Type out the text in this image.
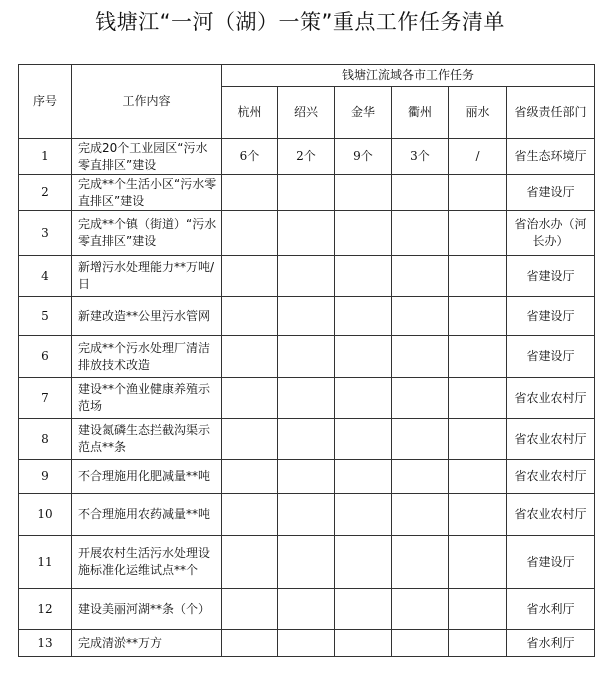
钱塘江“一河（湖）一策”重点工作任务清单
序号	工作内容	钱塘江流域各市工作任务					
		杭州	绍兴	金华	衢州	丽水	省级责任部门
1	完成20个工业园区“污水零直排区”建设	6个	2个	9个	3个	/	省生态环境厅
2	完成**个生活小区“污水零直排区”建设						省建设厅
3	完成**个镇（街道）“污水零直排区”建设						省治水办（河长办）
4	新增污水处理能力**万吨/日						省建设厅
5	新建改造**公里污水管网						省建设厅
6	完成**个污水处理厂清洁排放技术改造						省建设厅
7	建设**个渔业健康养殖示范场						省农业农村厅
8	建设氮磷生态拦截沟渠示范点**条						省农业农村厅
9	不合理施用化肥减量**吨						省农业农村厅
10	不合理施用农药减量**吨						省农业农村厅
11	开展农村生活污水处理设施标准化运维试点**个						省建设厅
12	建设美丽河湖**条（个）						省水利厅
13	完成清淤**万方						省水利厅
